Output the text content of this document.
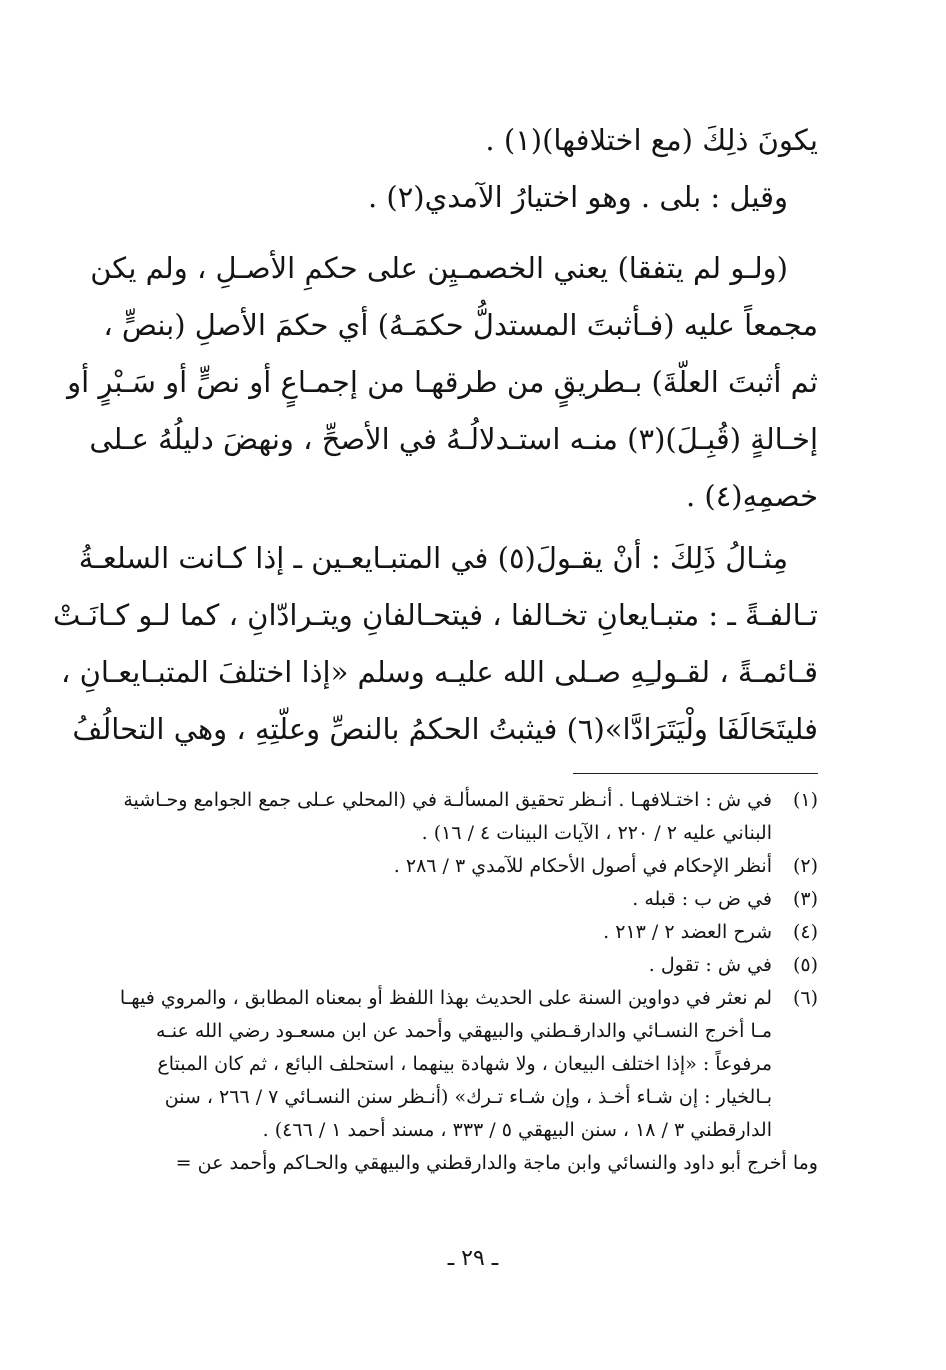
يكونَ ذلِكَ (مع اختلافها)(١) .
وقيل : بلى . وهو اختيارُ الآمدي(٢) .
(ولـو لم يتفقا) يعني الخصمـيِن على حكمِ الأصـلِ ، ولم يكن
مجمعاً عليه (فـأثبتَ المستدلُّ حكمَـهُ) أي حكمَ الأصلِ (بنصٍّ ،
ثم أثبتَ العلّةَ) بـطريقٍ من طرقهـا من إجمـاعٍ أو نصٍّ أو سَـبْرٍ أو
إخـالةٍ (قُبِـلَ)(٣) منـه استـدلالُـهُ في الأصحِّ ، ونهضَ دليلُهُ عـلى
خصمِهِ(٤) .
مِثـالُ ذَلِكَ : أنْ يقـولَ(٥) في المتبـايعـين ـ إذا كـانت السلعـةُ
تـالفـةً ـ : متبـايعانِ تخـالفا ، فيتحـالفانِ ويتـرادّانِ ، كما لـو كـانَـتْ
قـائمـةً ، لقـولـِهِ صـلى الله عليـه وسلم «إذا اختلفَ المتبـايعـانِ ،
فليتَحَالَفَا ولْيَتَرَادَّا»(٦) فيثبتُ الحكمُ بالنصِّ وعلّتِهِ ، وهي التحالُفُ
(١)
في ش : اختـلافهـا . أنـظر تحقيق المسألـة في (المحلي عـلى جمع الجوامع وحـاشية
البناني عليه ٢ / ٢٢٠ ، الآيات البينات ٤ / ١٦) .
(٢)
أنظر الإحكام في أصول الأحكام للآمدي ٣ / ٢٨٦ .
(٣)
في ض ب : قبله .
(٤)
شرح العضد ٢ / ٢١٣ .
(٥)
في ش : تقول .
(٦)
لم نعثر في دواوين السنة على الحديث بهذا اللفظ أو بمعناه المطابق ، والمروي فيهـا
مـا أخرج النسـائي والدارقـطني والبيهقي وأحمد عن ابن مسعـود رضي الله عنـه
مرفوعاً : «إذا اختلف البيعان ، ولا شهادة بينهما ، استحلف البائع ، ثم كان المبتاع
بـالخيار : إن شـاء أخـذ ، وإن شـاء تـرك» (أنـظر سنن النسـائي ٧ / ٢٦٦ ، سنن
الدارقطني ٣ / ١٨ ، سنن البيهقي ٥ / ٣٣٣ ، مسند أحمد ١ / ٤٦٦) .
وما أخرج أبو داود والنسائي وابن ماجة والدارقطني والبيهقي والحـاكم وأحمد عن =
ـ ٢٩ ـ
